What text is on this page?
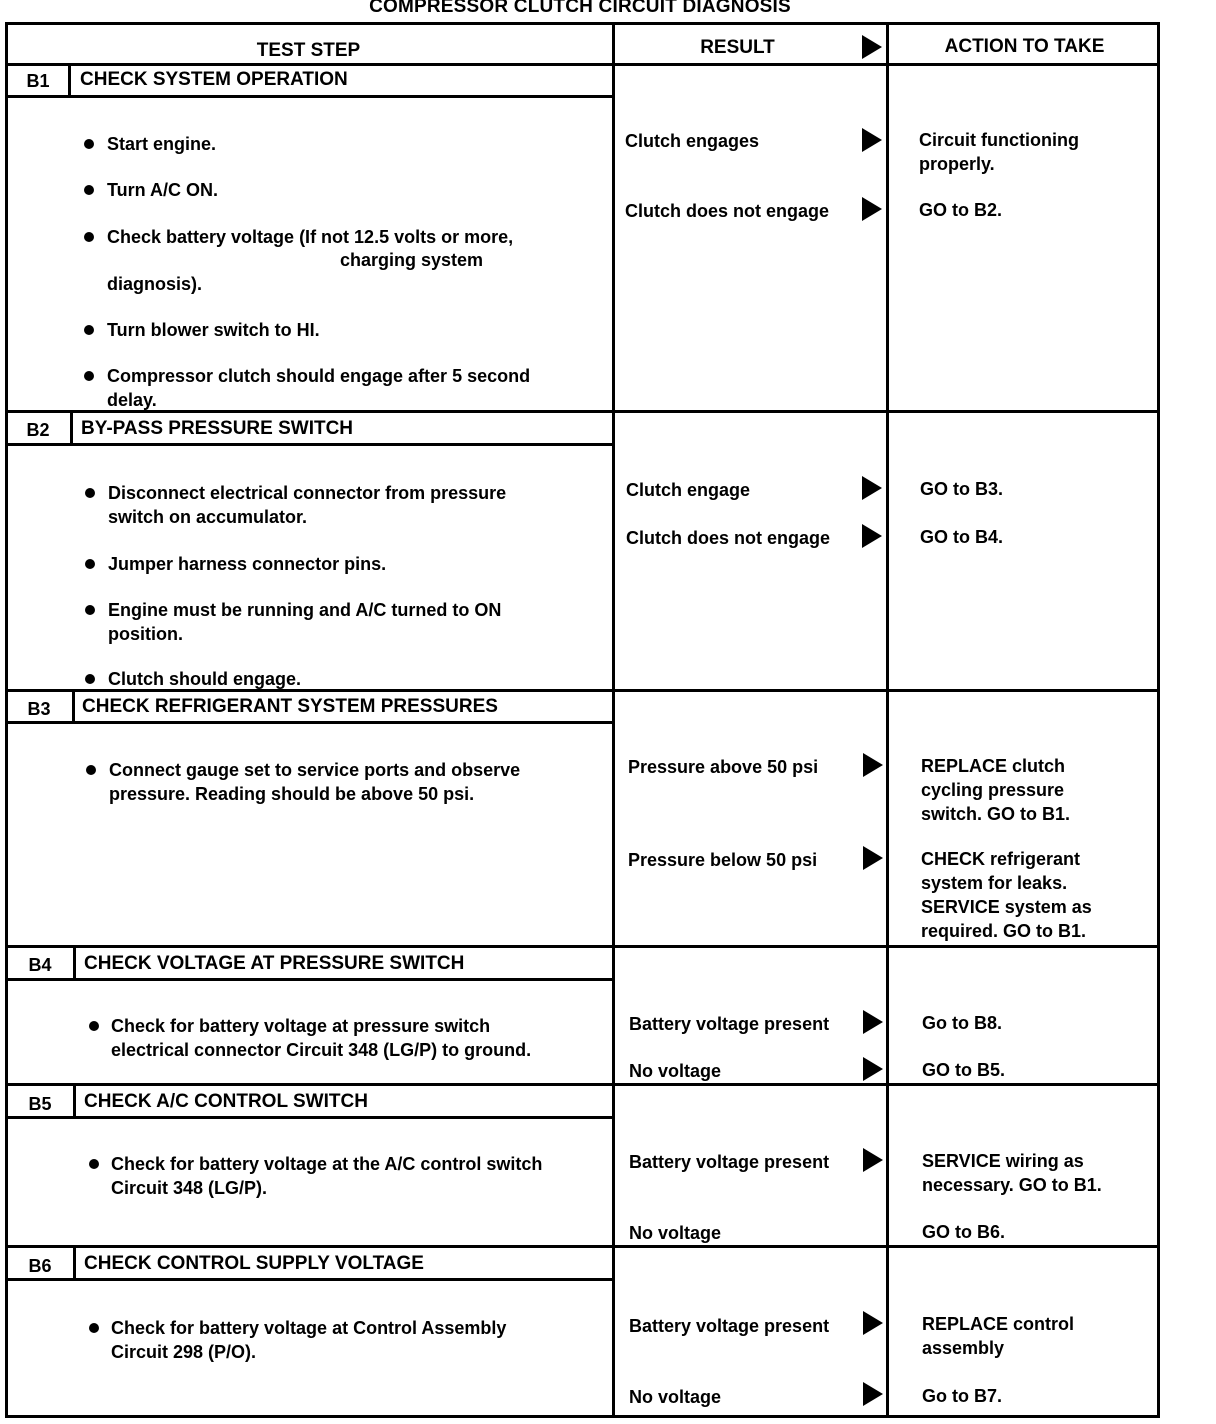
COMPRESSOR CLUTCH CIRCUIT DIAGNOSIS
TEST STEP	RESULT	ACTION TO TAKE
B1	CHECK SYSTEM OPERATION
Start engine.
Turn A/C ON.
Check battery voltage (If not 12.5 volts or more,
charging system
diagnosis).
Turn blower switch to HI.
Compressor clutch should engage after 5 second
delay.
Clutch engages	Circuit functioning properly.
Clutch does not engage	GO to B2.
B2	BY-PASS PRESSURE SWITCH
Disconnect electrical connector from pressure
switch on accumulator.
Jumper harness connector pins.
Engine must be running and A/C turned to ON
position.
Clutch should engage.
Clutch engage	GO to B3.
Clutch does not engage	GO to B4.
B3	CHECK REFRIGERANT SYSTEM PRESSURES
Connect gauge set to service ports and observe
pressure. Reading should be above 50 psi.
Pressure above 50 psi	REPLACE clutch cycling pressure switch. GO to B1.
Pressure below 50 psi	CHECK refrigerant system for leaks. SERVICE system as required. GO to B1.
B4	CHECK VOLTAGE AT PRESSURE SWITCH
Check for battery voltage at pressure switch
electrical connector Circuit 348 (LG/P) to ground.
Battery voltage present	Go to B8.
No voltage	GO to B5.
B5	CHECK A/C CONTROL SWITCH
Check for battery voltage at the A/C control switch
Circuit 348 (LG/P).
Battery voltage present	SERVICE wiring as necessary. GO to B1.
No voltage	GO to B6.
B6	CHECK CONTROL SUPPLY VOLTAGE
Check for battery voltage at Control Assembly
Circuit 298 (P/O).
Battery voltage present	REPLACE control assembly
No voltage	Go to B7.
